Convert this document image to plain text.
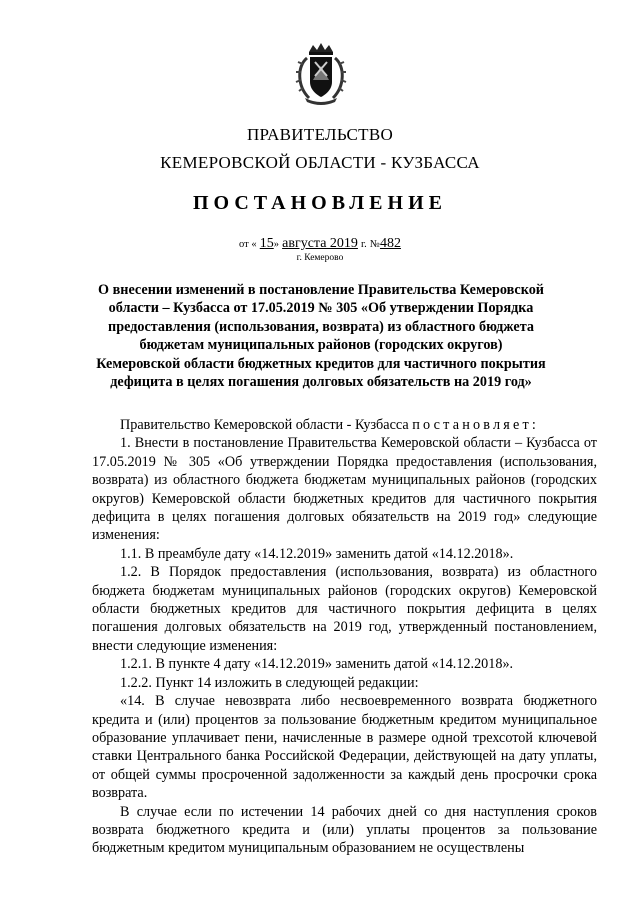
ПРАВИТЕЛЬСТВО
КЕМЕРОВСКОЙ ОБЛАСТИ - КУЗБАССА
ПОСТАНОВЛЕНИЕ
от « 15» августа 2019 г. №482
г. Кемерово
О внесении изменений в постановление Правительства Кемеровской области – Кузбасса от 17.05.2019 № 305 «Об утверждении Порядка предоставления (использования, возврата) из областного бюджета бюджетам муниципальных районов (городских округов) Кемеровской области бюджетных кредитов для частичного покрытия дефицита в целях погашения долговых обязательств на 2019 год»

Правительство Кемеровской области - Кузбасса постановляет:

1. Внести в постановление Правительства Кемеровской области – Кузбасса от 17.05.2019 № 305 «Об утверждении Порядка предоставления (использования, возврата) из областного бюджета бюджетам муниципальных районов (городских округов) Кемеровской области бюджетных кредитов для частичного покрытия дефицита в целях погашения долговых обязательств на 2019 год» следующие изменения:

1.1. В преамбуле дату «14.12.2019» заменить датой «14.12.2018».

1.2. В Порядок предоставления (использования, возврата) из областного бюджета бюджетам муниципальных районов (городских округов) Кемеровской области бюджетных кредитов для частичного покрытия дефицита в целях погашения долговых обязательств на 2019 год, утвержденный постановлением, внести следующие изменения:

1.2.1. В пункте 4 дату «14.12.2019» заменить датой «14.12.2018».

1.2.2. Пункт 14 изложить в следующей редакции:

«14. В случае невозврата либо несвоевременного возврата бюджетного кредита и (или) процентов за пользование бюджетным кредитом муниципальное образование уплачивает пени, начисленные в размере одной трехсотой ключевой ставки Центрального банка Российской Федерации, действующей на дату уплаты, от общей суммы просроченной задолженности за каждый день просрочки срока возврата.

В случае если по истечении 14 рабочих дней со дня наступления сроков возврата бюджетного кредита и (или) уплаты процентов за пользование бюджетным кредитом муниципальным образованием не осуществлены
